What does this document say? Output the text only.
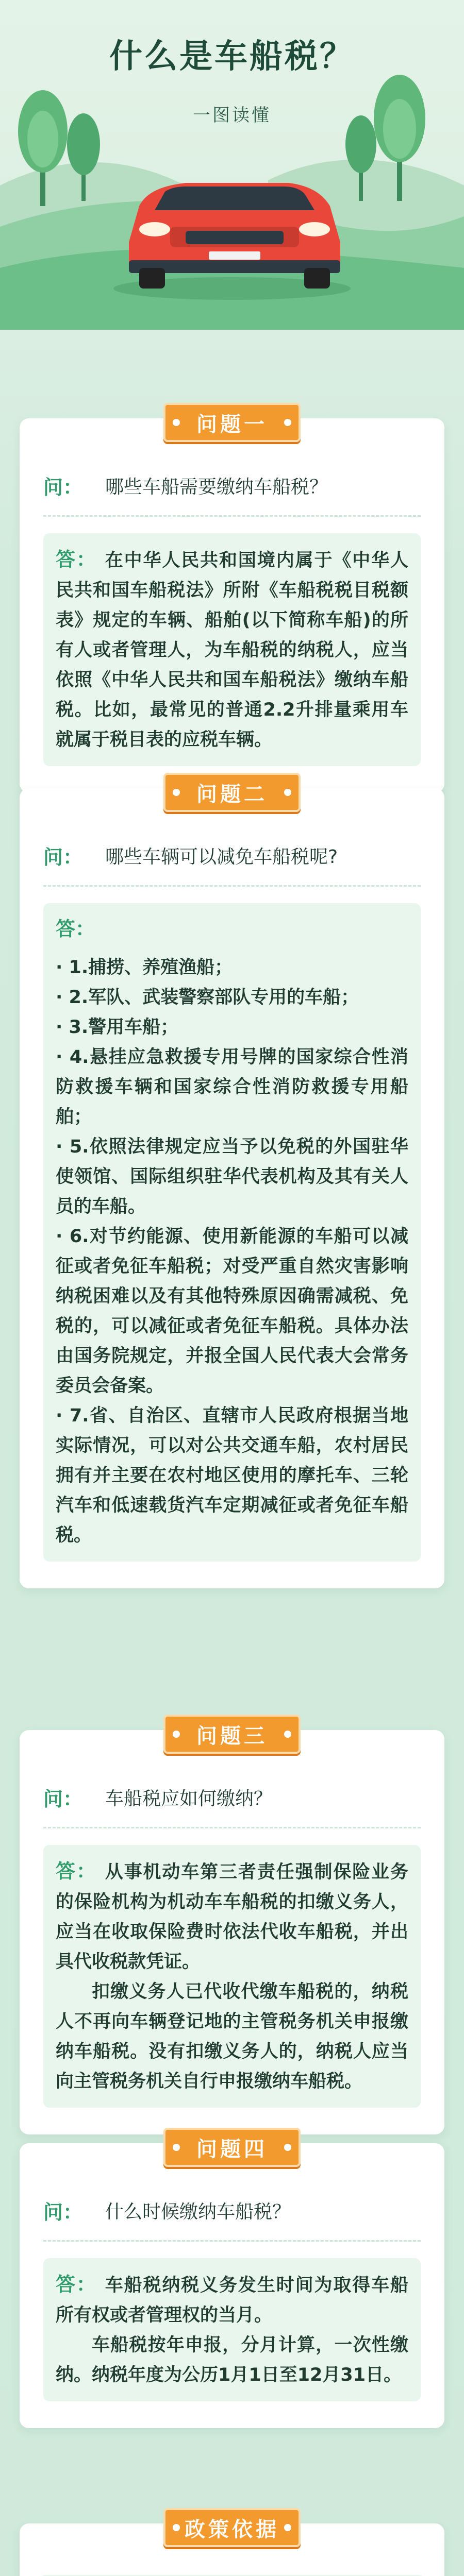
什么是车船税？
一图读懂
问题一
问： 哪些车船需要缴纳车船税？
答： 在中华人民共和国境内属于《中华人民共和国车船税法》所附《车船税税目税额表》规定的车辆、船舶(以下简称车船)的所有人或者管理人，为车船税的纳税人，应当依照《中华人民共和国车船税法》缴纳车船税。比如，最常见的普通2.2升排量乘用车就属于税目表的应税车辆。
问题二
问： 哪些车辆可以减免车船税呢?
答：
· 1.捕捞、养殖渔船；
· 2.军队、武装警察部队专用的车船；
· 3.警用车船；
· 4.悬挂应急救援专用号牌的国家综合性消防救援车辆和国家综合性消防救援专用船舶；
· 5.依照法律规定应当予以免税的外国驻华使领馆、国际组织驻华代表机构及其有关人员的车船。
· 6.对节约能源、使用新能源的车船可以减征或者免征车船税；对受严重自然灾害影响纳税困难以及有其他特殊原因确需减税、免税的，可以减征或者免征车船税。具体办法由国务院规定，并报全国人民代表大会常务委员会备案。
· 7.省、自治区、直辖市人民政府根据当地实际情况，可以对公共交通车船，农村居民拥有并主要在农村地区使用的摩托车、三轮汽车和低速载货汽车定期减征或者免征车船税。
问题三
问： 车船税应如何缴纳？
答： 从事机动车第三者责任强制保险业务的保险机构为机动车车船税的扣缴义务人，应当在收取保险费时依法代收车船税，并出具代收税款凭证。
扣缴义务人已代收代缴车船税的，纳税人不再向车辆登记地的主管税务机关申报缴纳车船税。没有扣缴义务人的，纳税人应当向主管税务机关自行申报缴纳车船税。
问题四
问： 什么时候缴纳车船税？
答： 车船税纳税义务发生时间为取得车船所有权或者管理权的当月。
车船税按年申报，分月计算，一次性缴纳。纳税年度为公历1月1日至12月31日。
政策依据
